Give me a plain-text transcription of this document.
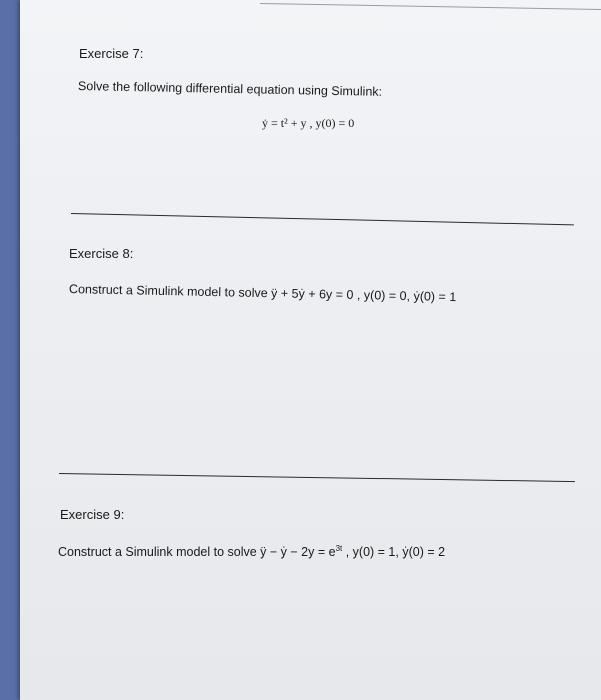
Exercise 7:
Solve the following differential equation using Simulink:
ẏ = t² + y , y(0) = 0
Exercise 8:
Construct a Simulink model to solve ÿ + 5ẏ + 6y = 0 , y(0) = 0, ẏ(0) = 1
Exercise 9:
Construct a Simulink model to solve ÿ − ẏ − $2y = e^{3t}$ , y(0) = 1, ẏ(0) = 2
